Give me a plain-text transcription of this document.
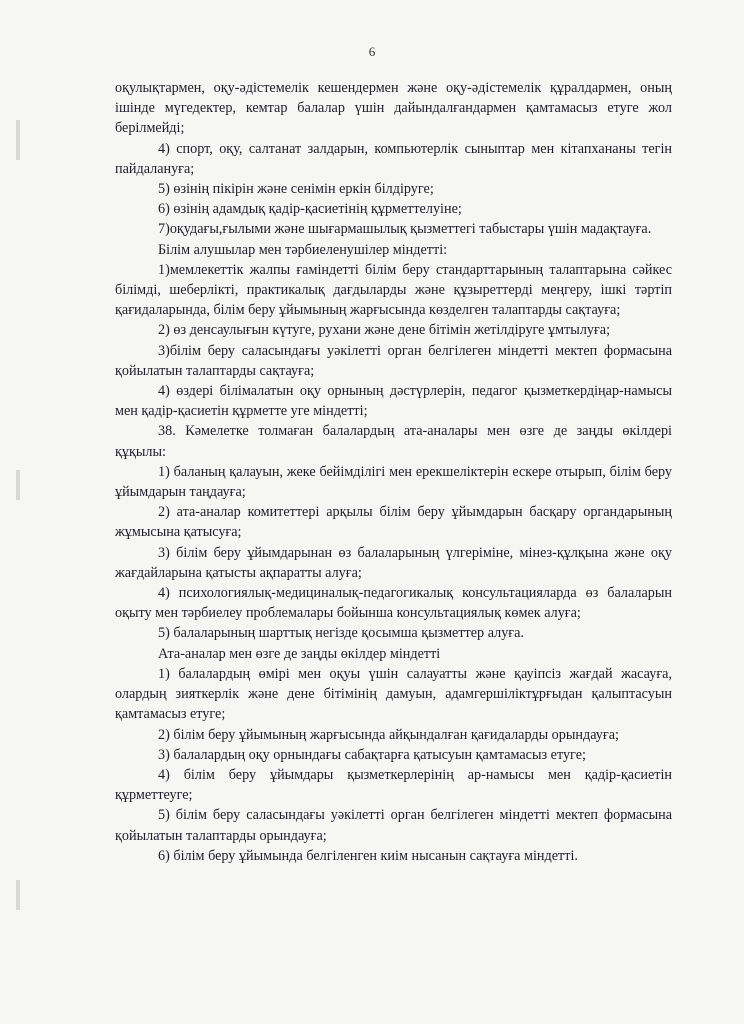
6

оқулықтармен, оқу-әдістемелік кешендермен және оқу-әдістемелік құралдармен, оның ішінде мүгедектер, кемтар балалар үшін дайындалғандармен қамтамасыз етуге жол берілмейді;

4) спорт, оқу, салтанат залдарын, компьютерлік сыныптар мен кітапхананы тегін пайдалануға;

5) өзінің пікірін және сенімін еркін білдіруге;

6) өзінің адамдық қадір-қасиетінің құрметтелуіне;

7)оқудағы,ғылыми және шығармашылық қызметтегі табыстары үшін мадақтауға.

Білім алушылар мен тәрбиеленушілер міндетті:

1)мемлекеттік жалпы ғаміндетті білім беру стандарттарының талаптарына сәйкес білімді, шеберлікті, практикалық дағдыларды және құзыреттерді меңгеру, ішкі тәртіп қағидаларында, білім беру ұйымының жарғысында көзделген талаптарды сақтауға;

2) өз денсаулығын күтуге, рухани және дене бітімін жетілдіруге ұмтылуға;

3)білім беру саласындағы уәкілетті орган белгілеген міндетті мектеп формасына қойылатын талаптарды сақтауға;

4) өздері білімалатын оқу орнының дәстүрлерін, педагог қызметкердіңар-намысы мен қадір-қасиетін құрметте уге міндетті;

38. Кәмелетке толмаған балалардың ата-аналары мен өзге де заңды өкілдері құқылы:

1) баланың қалауын, жеке бейімділігі мен ерекшеліктерін ескере отырып, білім беру ұйымдарын таңдауға;

2) ата-аналар комитеттері арқылы білім беру ұйымдарын басқару органдарының жұмысына қатысуға;

3) білім беру ұйымдарынан өз балаларының үлгеріміне, мінез-құлқына және оқу жағдайларына қатысты ақпаратты алуға;

4) психологиялық-медициналық-педагогикалық консультацияларда өз балаларын оқыту мен тәрбиелеу проблемалары бойынша консультациялық көмек алуға;

5) балаларының шарттық негізде қосымша қызметтер алуға.

Ата-аналар мен өзге де заңды өкілдер міндетті

1) балалардың өмірі мен оқуы үшін салауатты және қауіпсіз жағдай жасауға, олардың зияткерлік және дене бітімінің дамуын, адамгершіліктұрғыдан қалыптасуын қамтамасыз етуге;

2) білім беру ұйымының жарғысында айқындалған қағидаларды орындауға;

3) балалардың оқу орнындағы сабақтарға қатысуын қамтамасыз етуге;

4) білім беру ұйымдары қызметкерлерінің ар-намысы мен қадір-қасиетін құрметтеуге;

5) білім беру саласындағы уәкілетті орган белгілеген міндетті мектеп формасына қойылатын талаптарды орындауға;

6) білім беру ұйымында белгіленген киім нысанын сақтауға міндетті.
